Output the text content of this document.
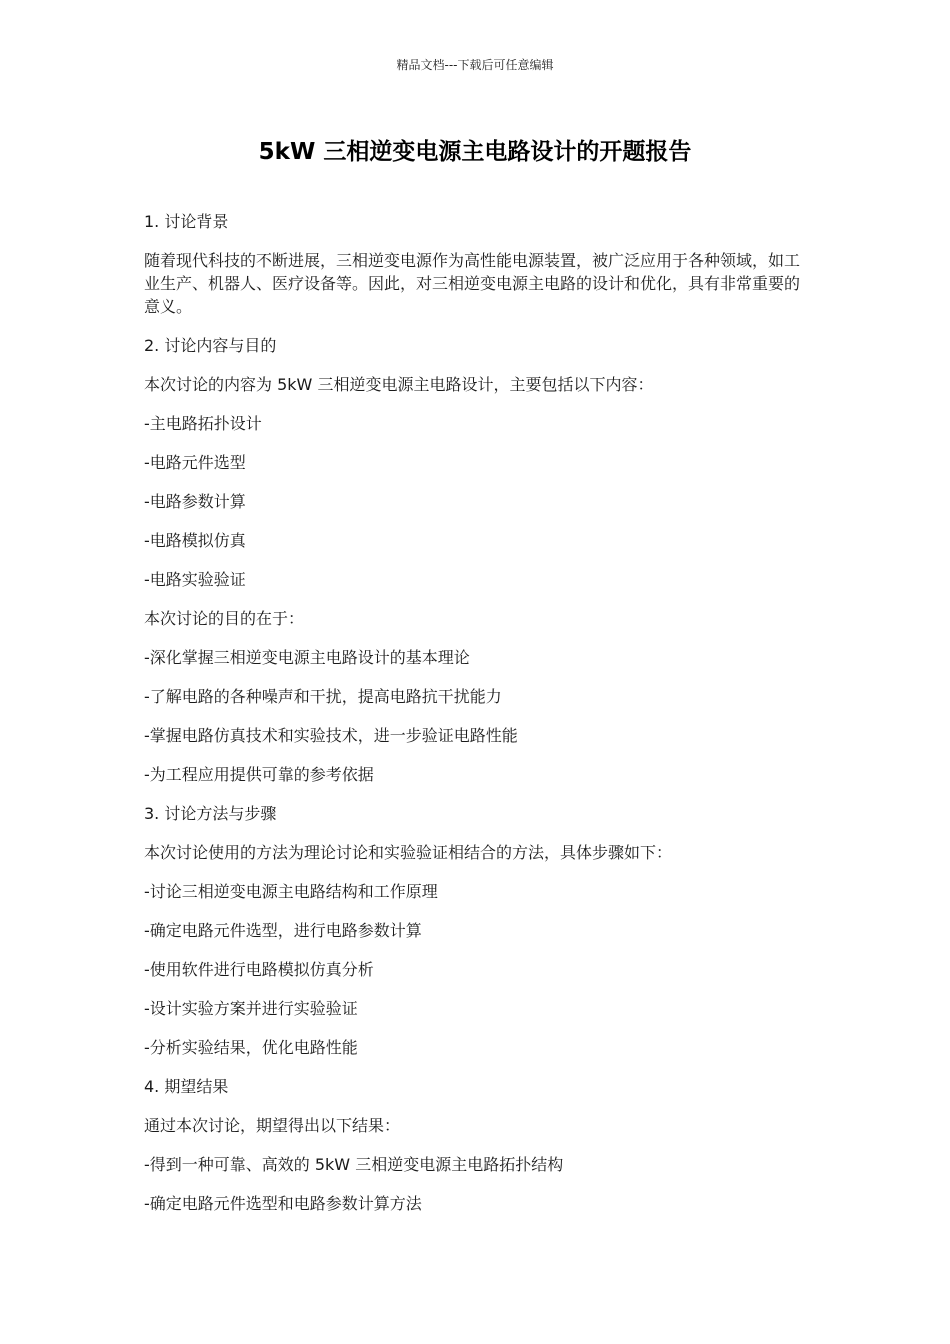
精品文档---下载后可任意编辑
5kW 三相逆变电源主电路设计的开题报告

1. 讨论背景

随着现代科技的不断进展，三相逆变电源作为高性能电源装置，被广泛应用于各种领域，如工业生产、机器人、医疗设备等。因此，对三相逆变电源主电路的设计和优化，具有非常重要的意义。

2. 讨论内容与目的

本次讨论的内容为 5kW 三相逆变电源主电路设计，主要包括以下内容：

-主电路拓扑设计

-电路元件选型

-电路参数计算

-电路模拟仿真

-电路实验验证

本次讨论的目的在于：

-深化掌握三相逆变电源主电路设计的基本理论

-了解电路的各种噪声和干扰，提高电路抗干扰能力

-掌握电路仿真技术和实验技术，进一步验证电路性能

-为工程应用提供可靠的参考依据

3. 讨论方法与步骤

本次讨论使用的方法为理论讨论和实验验证相结合的方法，具体步骤如下：

-讨论三相逆变电源主电路结构和工作原理

-确定电路元件选型，进行电路参数计算

-使用软件进行电路模拟仿真分析

-设计实验方案并进行实验验证

-分析实验结果，优化电路性能

4. 期望结果

通过本次讨论，期望得出以下结果：

-得到一种可靠、高效的 5kW 三相逆变电源主电路拓扑结构

-确定电路元件选型和电路参数计算方法
